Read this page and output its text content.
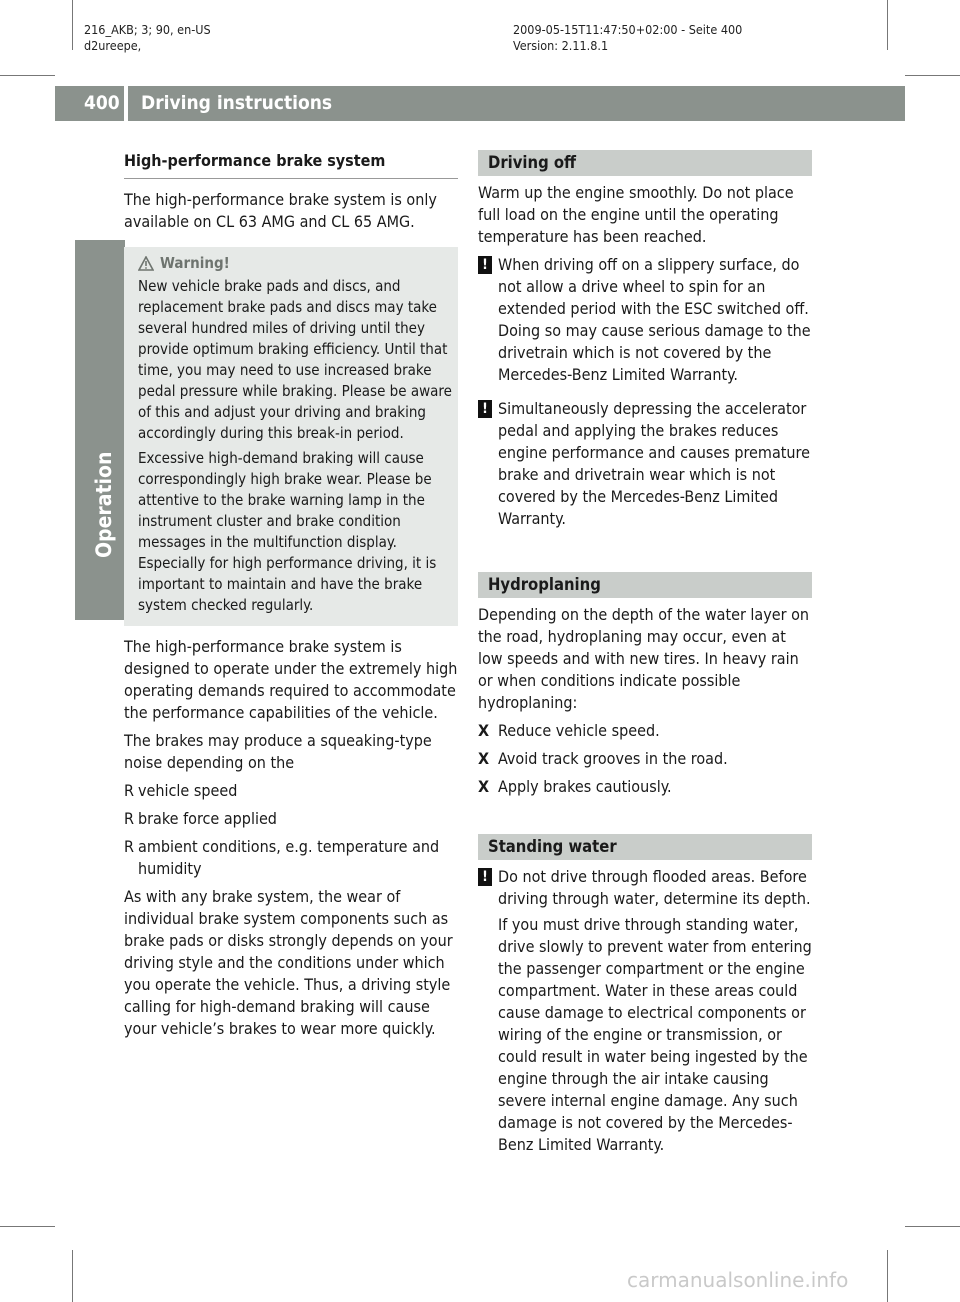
216_AKB; 3; 90, en-US
d2ureepe,
2009-05-15T11:47:50+02:00 - Seite 400
Version: 2.11.8.1
400 Driving instructions
Operation
High-performance brake system

The high-performance brake system is only available on CL 63 AMG and CL 65 AMG.

Warning!

New vehicle brake pads and discs, and replacement brake pads and discs may take several hundred miles of driving until they provide optimum braking efficiency. Until that time, you may need to use increased brake pedal pressure while braking. Please be aware of this and adjust your driving and braking accordingly during this break-in period.

Excessive high-demand braking will cause correspondingly high brake wear. Please be attentive to the brake warning lamp in the instrument cluster and brake condition messages in the multifunction display. Especially for high performance driving, it is important to maintain and have the brake system checked regularly.

The high-performance brake system is designed to operate under the extremely high operating demands required to accommodate the performance capabilities of the vehicle.

The brakes may produce a squeaking-type noise depending on the

R vehicle speed
R brake force applied
R ambient conditions, e.g. temperature and humidity

As with any brake system, the wear of individual brake system components such as brake pads or disks strongly depends on your driving style and the conditions under which you operate the vehicle. Thus, a driving style calling for high-demand braking will cause your vehicle’s brakes to wear more quickly.

Driving off

Warm up the engine smoothly. Do not place full load on the engine until the operating temperature has been reached.

! When driving off on a slippery surface, do not allow a drive wheel to spin for an extended period with the ESC switched off. Doing so may cause serious damage to the drivetrain which is not covered by the Mercedes-Benz Limited Warranty.

! Simultaneously depressing the accelerator pedal and applying the brakes reduces engine performance and causes premature brake and drivetrain wear which is not covered by the Mercedes-Benz Limited Warranty.

Hydroplaning

Depending on the depth of the water layer on the road, hydroplaning may occur, even at low speeds and with new tires. In heavy rain or when conditions indicate possible hydroplaning:

X Reduce vehicle speed.
X Avoid track grooves in the road.
X Apply brakes cautiously.
Standing water
! Do not drive through flooded areas. Before driving through water, determine its depth.

If you must drive through standing water, drive slowly to prevent water from entering the passenger compartment or the engine compartment. Water in these areas could cause damage to electrical components or wiring of the engine or transmission, or could result in water being ingested by the engine through the air intake causing severe internal engine damage. Any such damage is not covered by the Mercedes-Benz Limited Warranty.

carmanualsonline.info
